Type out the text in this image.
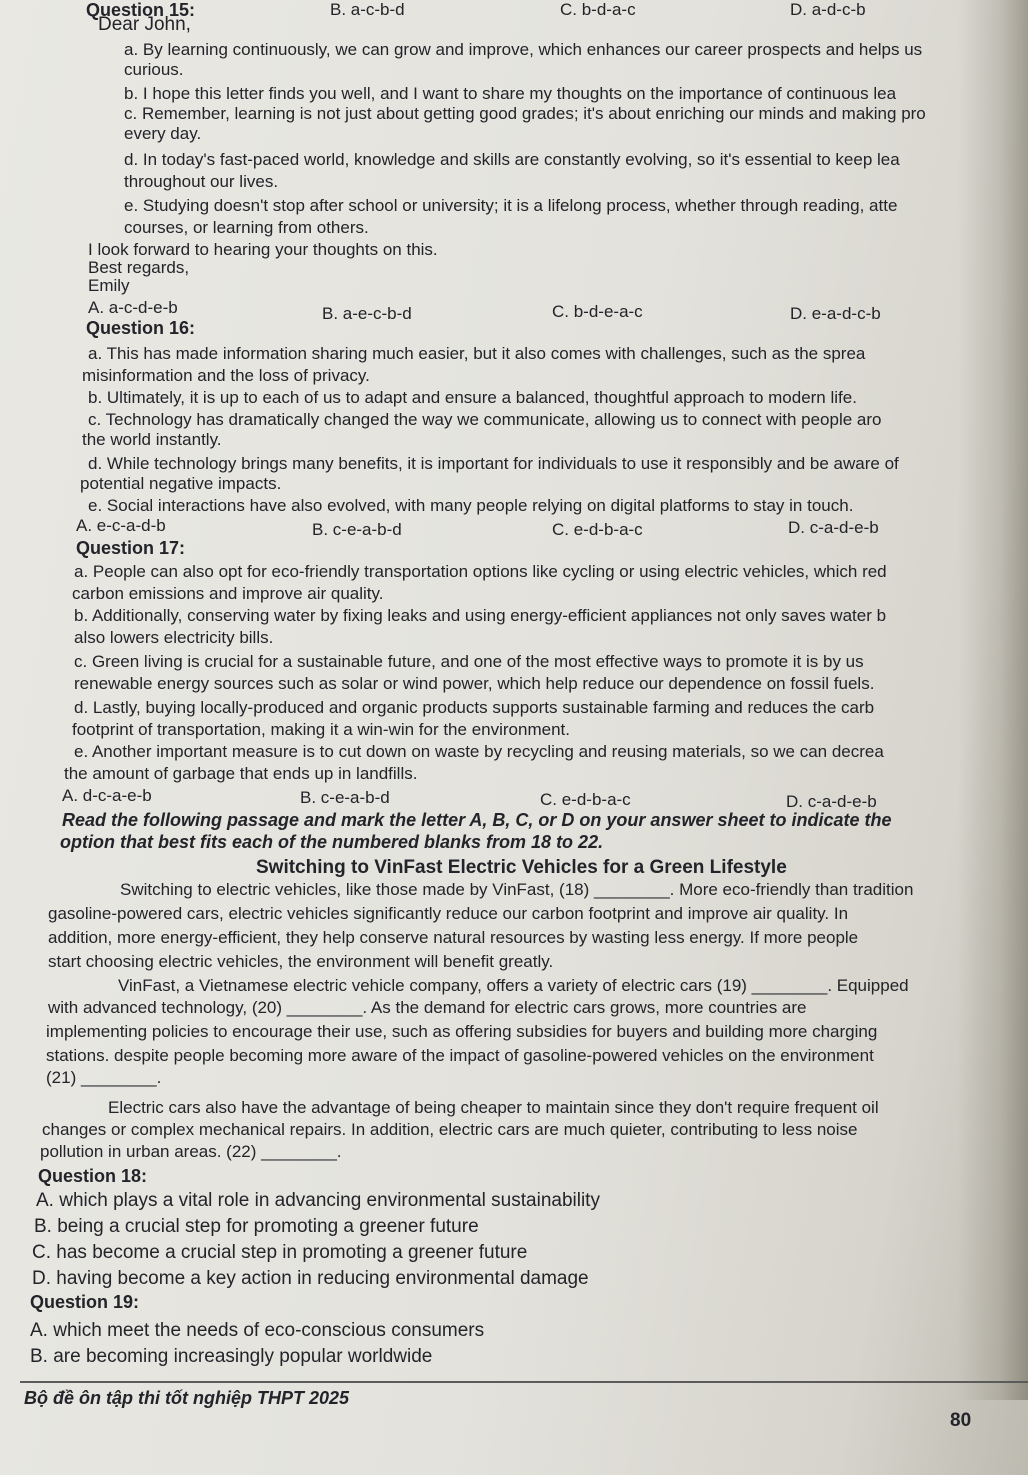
Question 15:	B. a-c-b-d	C. b-d-a-c	D. a-d-c-b
Dear John,
a. By learning continuously, we can grow and improve, which enhances our career prospects and helps us
curious.
b. I hope this letter finds you well, and I want to share my thoughts on the importance of continuous lea
c. Remember, learning is not just about getting good grades; it's about enriching our minds and making pro
every day.
d. In today's fast-paced world, knowledge and skills are constantly evolving, so it's essential to keep lea
throughout our lives.
e. Studying doesn't stop after school or university; it is a lifelong process, whether through reading, atte
courses, or learning from others.
I look forward to hearing your thoughts on this.
Best regards,
Emily
A. a-c-d-e-b	B. a-e-c-b-d	C. b-d-e-a-c	D. e-a-d-c-b
Question 16:
a. This has made information sharing much easier, but it also comes with challenges, such as the sprea
misinformation and the loss of privacy.
b. Ultimately, it is up to each of us to adapt and ensure a balanced, thoughtful approach to modern life.
c. Technology has dramatically changed the way we communicate, allowing us to connect with people aro
the world instantly.
d. While technology brings many benefits, it is important for individuals to use it responsibly and be aware of
potential negative impacts.
e. Social interactions have also evolved, with many people relying on digital platforms to stay in touch.
A. e-c-a-d-b	B. c-e-a-b-d	C. e-d-b-a-c	D. c-a-d-e-b
Question 17:
a. People can also opt for eco-friendly transportation options like cycling or using electric vehicles, which red
carbon emissions and improve air quality.
b. Additionally, conserving water by fixing leaks and using energy-efficient appliances not only saves water b
also lowers electricity bills.
c. Green living is crucial for a sustainable future, and one of the most effective ways to promote it is by us
renewable energy sources such as solar or wind power, which help reduce our dependence on fossil fuels.
d. Lastly, buying locally-produced and organic products supports sustainable farming and reduces the carb
footprint of transportation, making it a win-win for the environment.
e. Another important measure is to cut down on waste by recycling and reusing materials, so we can decrea
the amount of garbage that ends up in landfills.
A. d-c-a-e-b	B. c-e-a-b-d	C. e-d-b-a-c	D. c-a-d-e-b
Read the following passage and mark the letter A, B, C, or D on your answer sheet to indicate the
option that best fits each of the numbered blanks from 18 to 22.
Switching to VinFast Electric Vehicles for a Green Lifestyle
Switching to electric vehicles, like those made by VinFast, (18) ________. More eco-friendly than tradition
gasoline-powered cars, electric vehicles significantly reduce our carbon footprint and improve air quality. In
addition, more energy-efficient, they help conserve natural resources by wasting less energy. If more people
start choosing electric vehicles, the environment will benefit greatly.
VinFast, a Vietnamese electric vehicle company, offers a variety of electric cars (19) ________. Equipped
with advanced technology, (20) ________. As the demand for electric cars grows, more countries are
implementing policies to encourage their use, such as offering subsidies for buyers and building more charging
stations. despite people becoming more aware of the impact of gasoline-powered vehicles on the environment
(21) ________.
Electric cars also have the advantage of being cheaper to maintain since they don't require frequent oil
changes or complex mechanical repairs. In addition, electric cars are much quieter, contributing to less noise
pollution in urban areas. (22) ________.
Question 18:
A. which plays a vital role in advancing environmental sustainability
B. being a crucial step for promoting a greener future
C. has become a crucial step in promoting a greener future
D. having become a key action in reducing environmental damage
Question 19:
A. which meet the needs of eco-conscious consumers
B. are becoming increasingly popular worldwide
Bộ đề ôn tập thi tốt nghiệp THPT 2025
80
